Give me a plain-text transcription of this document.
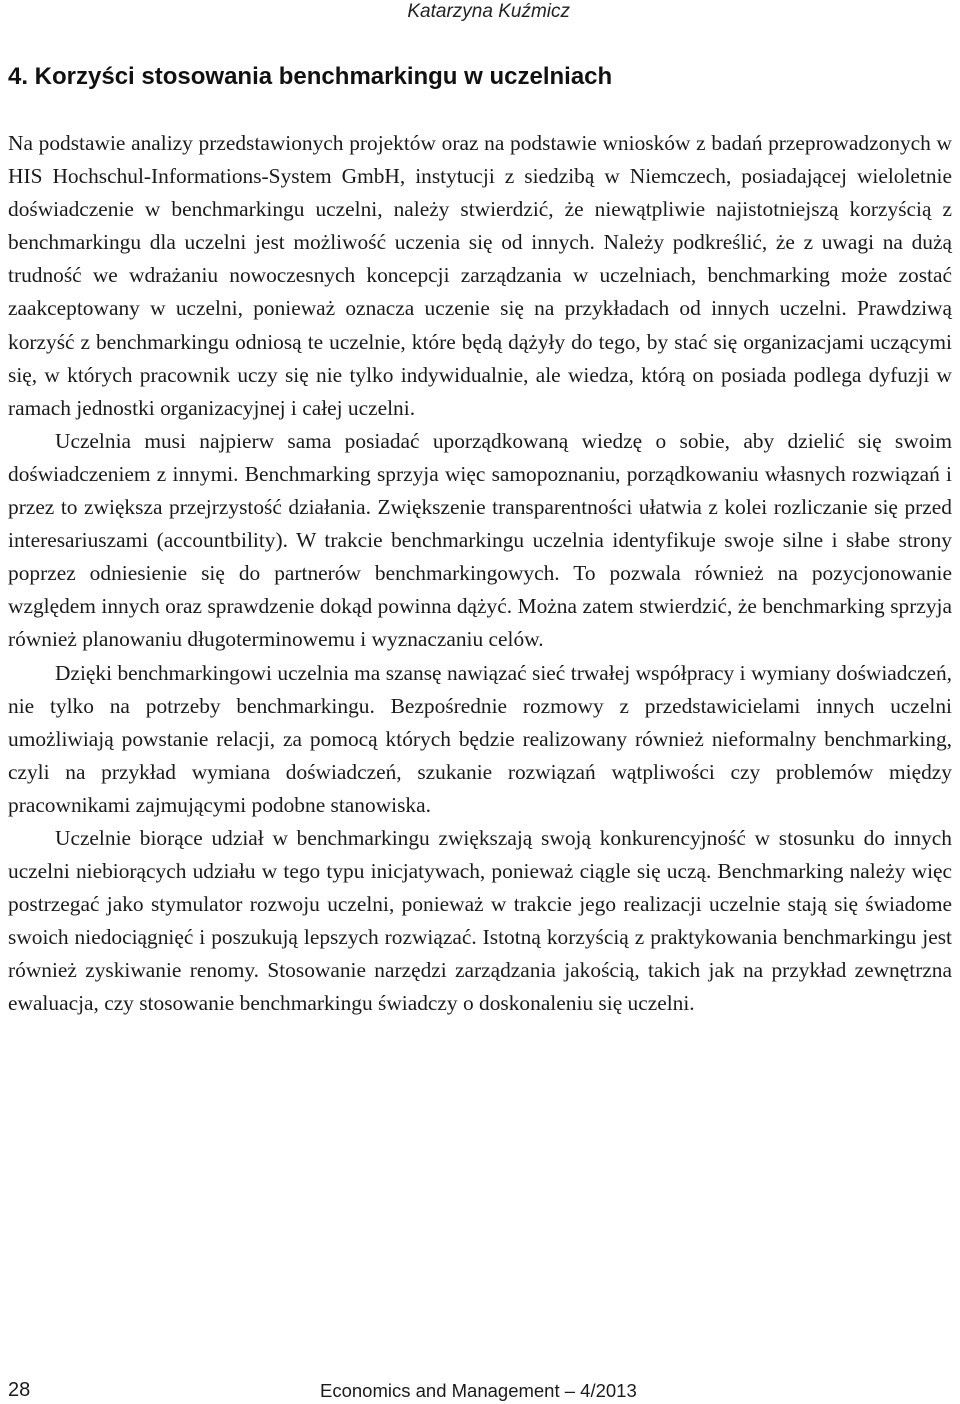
Katarzyna Kuźmicz
4. Korzyści stosowania benchmarkingu w uczelniach

Na podstawie analizy przedstawionych projektów oraz na podstawie wniosków z badań przeprowadzonych w HIS Hochschul-Informations-System GmbH, instytucji z siedzibą w Niemczech, posiadającej wieloletnie doświadczenie w benchmarkingu uczelni, należy stwierdzić, że niewątpliwie najistotniejszą korzyścią z benchmarkingu dla uczelni jest możliwość uczenia się od innych. Należy podkreślić, że z uwagi na dużą trudność we wdrażaniu nowoczesnych koncepcji zarządzania w uczelniach, benchmarking może zostać zaakceptowany w uczelni, ponieważ oznacza uczenie się na przykładach od innych uczelni. Prawdziwą korzyść z benchmarkingu odniosą te uczelnie, które będą dążyły do tego, by stać się organizacjami uczącymi się, w których pracownik uczy się nie tylko indywidualnie, ale wiedza, którą on posiada podlega dyfuzji w ramach jednostki organizacyjnej i całej uczelni.

Uczelnia musi najpierw sama posiadać uporządkowaną wiedzę o sobie, aby dzielić się swoim doświadczeniem z innymi. Benchmarking sprzyja więc samopoznaniu, porządkowaniu własnych rozwiązań i przez to zwiększa przejrzystość działania. Zwiększenie transparentności ułatwia z kolei rozliczanie się przed interesariuszami (accountbility). W trakcie benchmarkingu uczelnia identyfikuje swoje silne i słabe strony poprzez odniesienie się do partnerów benchmarkingowych. To pozwala również na pozycjonowanie względem innych oraz sprawdzenie dokąd powinna dążyć. Można zatem stwierdzić, że benchmarking sprzyja również planowaniu długoterminowemu i wyznaczaniu celów.

Dzięki benchmarkingowi uczelnia ma szansę nawiązać sieć trwałej współpracy i wymiany doświadczeń, nie tylko na potrzeby benchmarkingu. Bezpośrednie rozmowy z przedstawicielami innych uczelni umożliwiają powstanie relacji, za pomocą których będzie realizowany również nieformalny benchmarking, czyli na przykład wymiana doświadczeń, szukanie rozwiązań wątpliwości czy problemów między pracownikami zajmującymi podobne stanowiska.

Uczelnie biorące udział w benchmarkingu zwiększają swoją konkurencyjność w stosunku do innych uczelni niebiorących udziału w tego typu inicjatywach, ponieważ ciągle się uczą. Benchmarking należy więc postrzegać jako stymulator rozwoju uczelni, ponieważ w trakcie jego realizacji uczelnie stają się świadome swoich niedociągnięć i poszukują lepszych rozwiązać. Istotną korzyścią z praktykowania benchmarkingu jest również zyskiwanie renomy. Stosowanie narzędzi zarządzania jakością, takich jak na przykład zewnętrzna ewaluacja, czy stosowanie benchmarkingu świadczy o doskonaleniu się uczelni.

28	Economics and Management – 4/2013
